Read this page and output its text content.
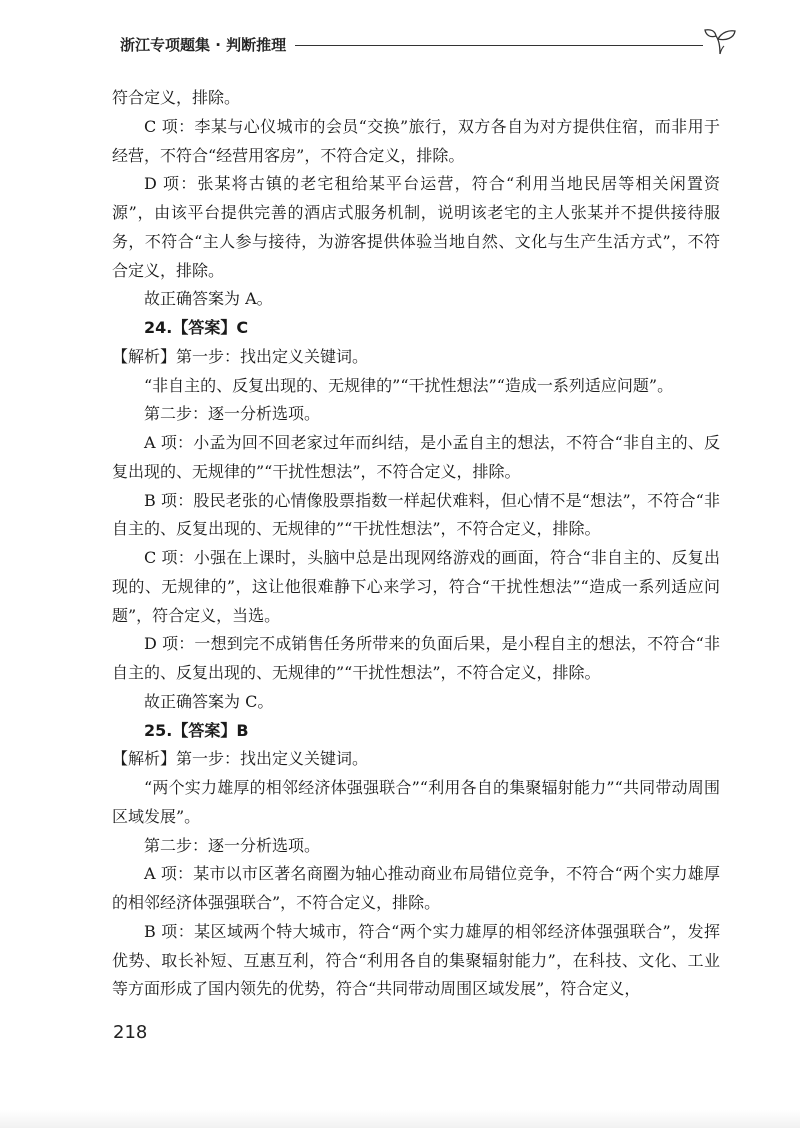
浙江专项题集 · 判断推理

符合定义，排除。

C 项：李某与心仪城市的会员“交换”旅行，双方各自为对方提供住宿，而非用于经营，不符合“经营用客房”，不符合定义，排除。

D 项：张某将古镇的老宅租给某平台运营，符合“利用当地民居等相关闲置资源”，由该平台提供完善的酒店式服务机制，说明该老宅的主人张某并不提供接待服务，不符合“主人参与接待，为游客提供体验当地自然、文化与生产生活方式”，不符合定义，排除。

故正确答案为 A。

24.【答案】C

【解析】第一步：找出定义关键词。

“非自主的、反复出现的、无规律的”“干扰性想法”“造成一系列适应问题”。

第二步：逐一分析选项。

A 项：小孟为回不回老家过年而纠结，是小孟自主的想法，不符合“非自主的、反复出现的、无规律的”“干扰性想法”，不符合定义，排除。

B 项：股民老张的心情像股票指数一样起伏难料，但心情不是“想法”，不符合“非自主的、反复出现的、无规律的”“干扰性想法”，不符合定义，排除。

C 项：小强在上课时，头脑中总是出现网络游戏的画面，符合“非自主的、反复出现的、无规律的”，这让他很难静下心来学习，符合“干扰性想法”“造成一系列适应问题”，符合定义，当选。

D 项：一想到完不成销售任务所带来的负面后果，是小程自主的想法，不符合“非自主的、反复出现的、无规律的”“干扰性想法”，不符合定义，排除。

故正确答案为 C。

25.【答案】B

【解析】第一步：找出定义关键词。

“两个实力雄厚的相邻经济体强强联合”“利用各自的集聚辐射能力”“共同带动周围区域发展”。

第二步：逐一分析选项。

A 项：某市以市区著名商圈为轴心推动商业布局错位竞争，不符合“两个实力雄厚的相邻经济体强强联合”，不符合定义，排除。

B 项：某区域两个特大城市，符合“两个实力雄厚的相邻经济体强强联合”，发挥优势、取长补短、互惠互利，符合“利用各自的集聚辐射能力”，在科技、文化、工业等方面形成了国内领先的优势，符合“共同带动周围区域发展”，符合定义，

218
